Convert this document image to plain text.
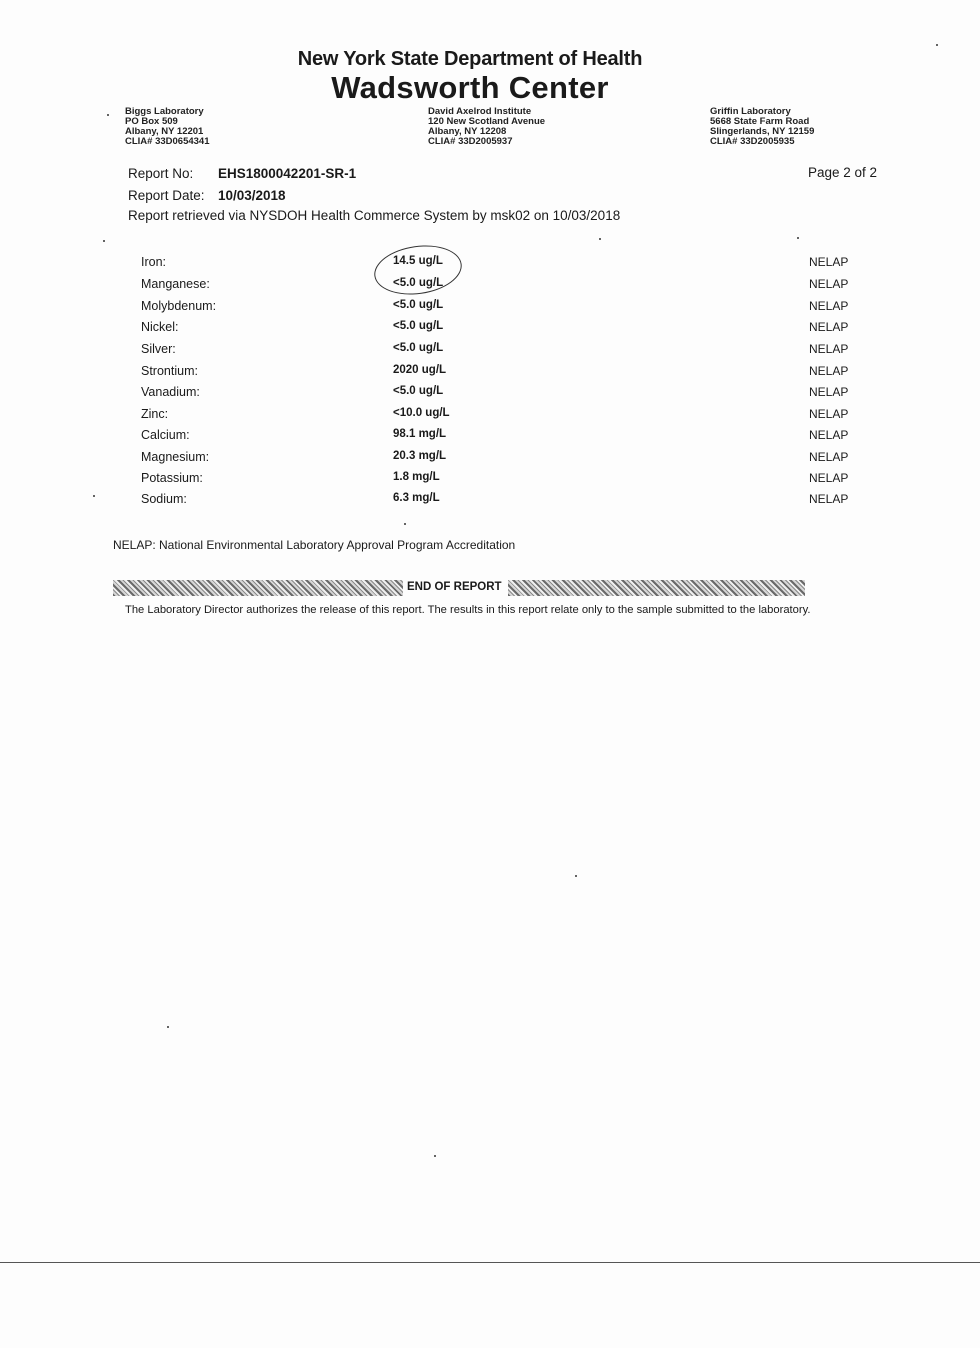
New York State Department of Health
Wadsworth Center
Biggs Laboratory
PO Box 509
Albany, NY 12201
CLIA# 33D0654341
David Axelrod Institute
120 New Scotland Avenue
Albany, NY 12208
CLIA# 33D2005937
Griffin Laboratory
5668 State Farm Road
Slingerlands, NY 12159
CLIA# 33D2005935
Report No: EHS1800042201-SR-1
Report Date: 10/03/2018
Report retrieved via NYSDOH Health Commerce System by msk02 on 10/03/2018
Page 2 of 2
Iron:	14.5 ug/L	NELAP
Manganese:	<5.0 ug/L	NELAP
Molybdenum:	<5.0 ug/L	NELAP
Nickel:	<5.0 ug/L	NELAP
Silver:	<5.0 ug/L	NELAP
Strontium:	2020 ug/L	NELAP
Vanadium:	<5.0 ug/L	NELAP
Zinc:	<10.0 ug/L	NELAP
Calcium:	98.1 mg/L	NELAP
Magnesium:	20.3 mg/L	NELAP
Potassium:	1.8 mg/L	NELAP
Sodium:	6.3 mg/L	NELAP
NELAP: National Environmental Laboratory Approval Program Accreditation
END OF REPORT
The Laboratory Director authorizes the release of this report. The results in this report relate only to the sample submitted to the laboratory.
